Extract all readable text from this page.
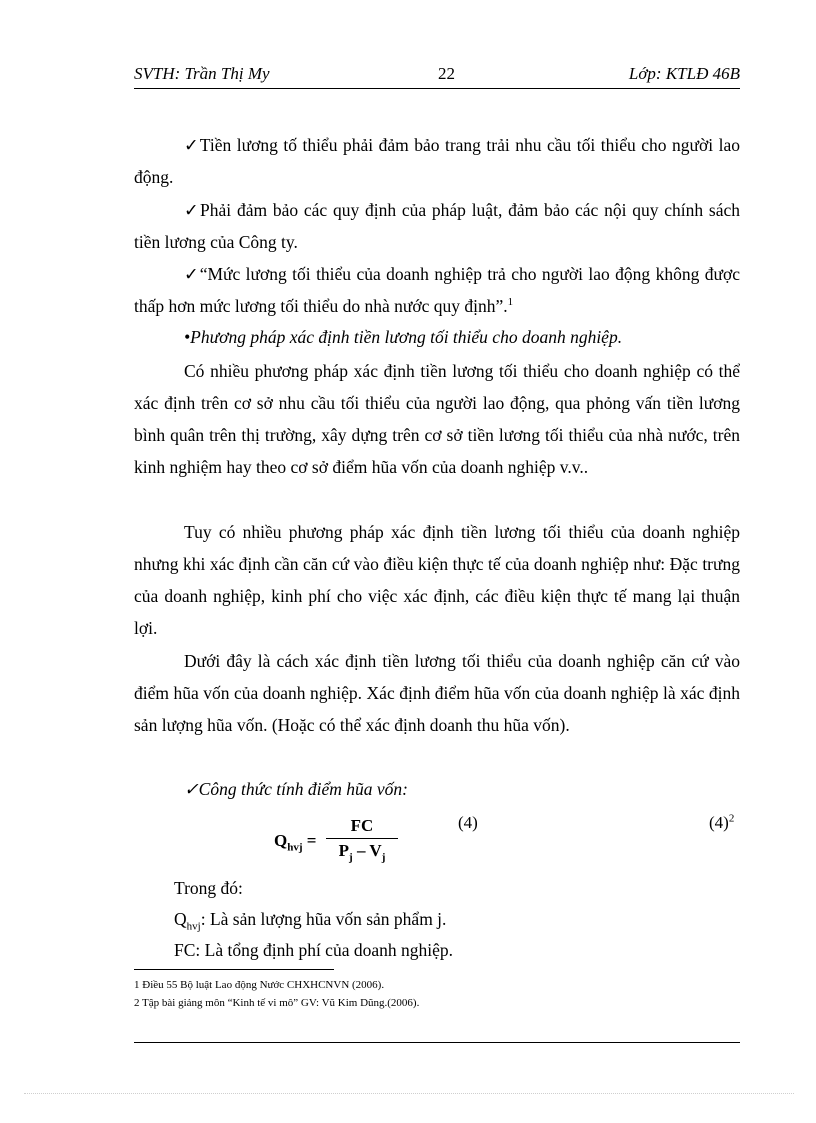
SVTH: Trần Thị My	22	Lớp: KTLĐ 46B

✓Tiền lương tố thiểu phải đảm bảo trang trải nhu cầu tối thiểu cho người lao động.

✓Phải đảm bảo các quy định của pháp luật, đảm bảo các nội quy chính sách tiền lương của Công ty.

✓“Mức lương tối thiểu của doanh nghiệp trả cho người lao động không được thấp hơn mức lương tối thiểu do nhà nước quy định”.$^1$

•Phương pháp xác định tiền lương tối thiểu cho doanh nghiệp.

Có nhiều phương pháp xác định tiền lương tối thiểu cho doanh nghiệp có thể xác định trên cơ sở nhu cầu tối thiểu của người lao động, qua phỏng vấn tiền lương bình quân trên thị trường, xây dựng trên cơ sở tiền lương tối thiểu của nhà nước, trên kinh nghiệm hay theo cơ sở điểm hũa vốn của doanh nghiệp v.v..

Tuy có nhiều phương pháp xác định tiền lương tối thiểu của doanh nghiệp nhưng khi xác định cần căn cứ vào điều kiện thực tế của doanh nghiệp như: Đặc trưng của doanh nghiệp, kinh phí cho việc xác định, các điều kiện thực tế mang lại thuận lợi.

Dưới đây là cách xác định tiền lương tối thiểu của doanh nghiệp căn cứ vào điểm hũa vốn của doanh nghiệp. Xác định điểm hũa vốn của doanh nghiệp là xác định sản lượng hũa vốn. (Hoặc có thể xác định doanh thu hũa vốn).

✓Công thức tính điểm hũa vốn:

$Q_{hvj} = \frac{FC}{P_j - V_j}$	(4)	$(4)^2$

Trong đó:

$Q_{hvj}$: Là sản lượng hũa vốn sản phẩm j.

FC: Là tổng định phí của doanh nghiệp.

1 Điều 55 Bộ luật Lao động Nước CHXHCNVN (2006).
2 Tập bài giảng môn “Kinh tế vi mô” GV: Vũ Kim Dũng.(2006).
